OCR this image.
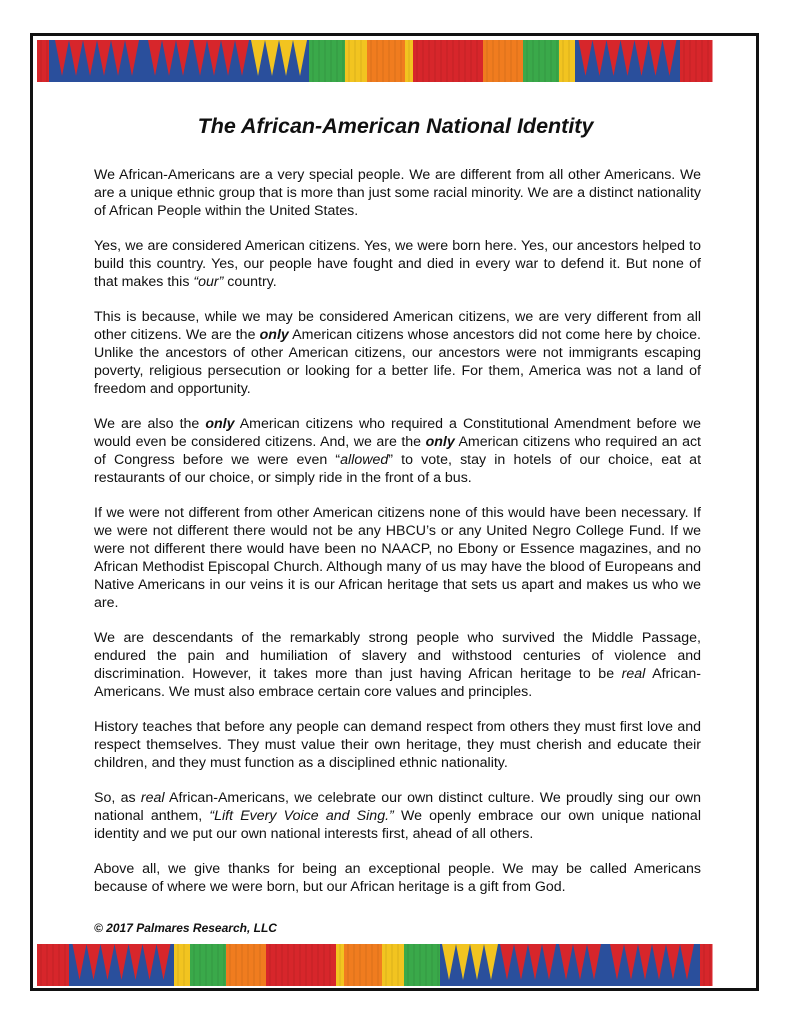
The African-American National Identity

We African-Americans are a very special people. We are different from all other Americans. We are a unique ethnic group that is more than just some racial minority. We are a distinct nationality of African People within the United States.

Yes, we are considered American citizens. Yes, we were born here. Yes, our ancestors helped to build this country. Yes, our people have fought and died in every war to defend it. But none of that makes this “our” country.

This is because, while we may be considered American citizens, we are very different from all other citizens. We are the only American citizens whose ancestors did not come here by choice. Unlike the ancestors of other American citizens, our ancestors were not immigrants escaping poverty, religious persecution or looking for a better life. For them, America was not a land of freedom and opportunity.

We are also the only American citizens who required a Constitutional Amendment before we would even be considered citizens. And, we are the only American citizens who required an act of Congress before we were even “allowed” to vote, stay in hotels of our choice, eat at restaurants of our choice, or simply ride in the front of a bus.

If we were not different from other American citizens none of this would have been necessary. If we were not different there would not be any HBCU’s or any United Negro College Fund. If we were not different there would have been no NAACP, no Ebony or Essence magazines, and no African Methodist Episcopal Church. Although many of us may have the blood of Europeans and Native Americans in our veins it is our African heritage that sets us apart and makes us who we are.

We are descendants of the remarkably strong people who survived the Middle Passage, endured the pain and humiliation of slavery and withstood centuries of violence and discrimination. However, it takes more than just having African heritage to be real African-Americans. We must also embrace certain core values and principles.

History teaches that before any people can demand respect from others they must first love and respect themselves. They must value their own heritage, they must cherish and educate their children, and they must function as a disciplined ethnic nationality.

So, as real African-Americans, we celebrate our own distinct culture. We proudly sing our own national anthem, “Lift Every Voice and Sing.” We openly embrace our own unique national identity and we put our own national interests first, ahead of all others.

Above all, we give thanks for being an exceptional people. We may be called Americans because of where we were born, but our African heritage is a gift from God.

© 2017 Palmares Research, LLC
